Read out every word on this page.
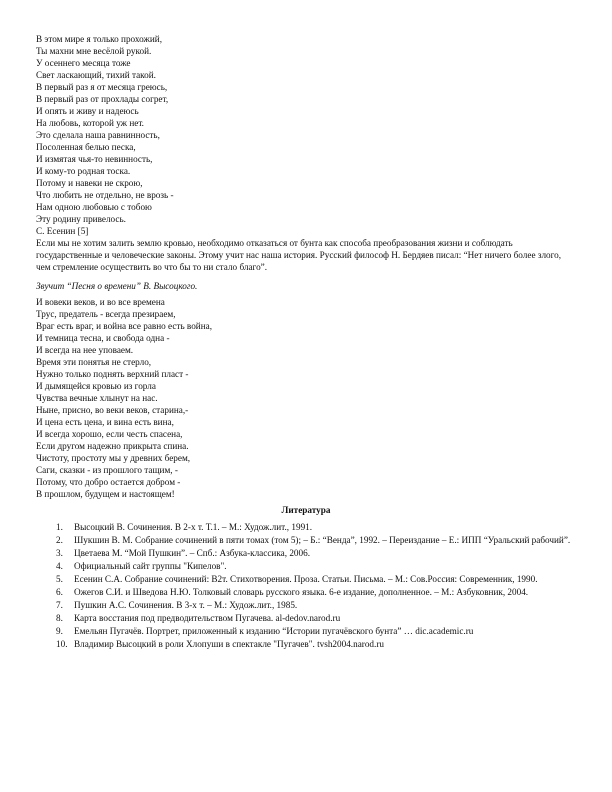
В этом мире я только прохожий,
Ты махни мне весёлой рукой.
У осеннего месяца тоже
Свет ласкающий, тихий такой.
В первый раз я от месяца греюсь,
В первый раз от прохлады согрет,
И опять и живу и надеюсь
На любовь, которой уж нет.
Это сделала наша равнинность,
Посоленная белью песка,
И измятая чья-то невинность,
И кому-то родная тоска.
Потому и навеки не скрою,
Что любить не отдельно, не врозь -
Нам одною любовью с тобою
Эту родину привелось.
С. Есенин [5]
Если мы не хотим залить землю кровью, необходимо отказаться от бунта как способа преобразования жизни и соблюдать государственные и человеческие законы. Этому учит нас наша история. Русский философ Н. Бердяев писал: “Нет ничего более злого, чем стремление осуществить во что бы то ни стало благо”.
Звучит “Песня о времени” В. Высоцкого.
И вовеки веков, и во все времена
Трус, предатель - всегда презираем,
Враг есть враг, и война все равно есть война,
И темница тесна, и свобода одна -
И всегда на нее уповаем.
Время эти понятья не стерло,
Нужно только поднять верхний пласт -
И дымящейся кровью из горла
Чувства вечные хлынут на нас.
Ныне, присно, во веки веков, старина,-
И цена есть цена, и вина есть вина,
И всегда хорошо, если честь спасена,
Если другом надежно прикрыта спина.
Чистоту, простоту мы у древних берем,
Саги, сказки - из прошлого тащим, -
Потому, что добро остается добром -
В прошлом, будущем и настоящем!
Литература
1. Высоцкий В. Сочинения. В 2-х т. Т.1. – М.: Худож.лит., 1991.
2. Шукшин В. М. Собрание сочинений в пяти томах (том 5); – Б.: “Венда”, 1992. – Переиздание – Е.: ИПП “Уральский рабочий”.
3. Цветаева М. “Мой Пушкин”. – Спб.: Азбука-классика, 2006.
4. Официальный сайт группы "Кипелов".
5. Есенин С.А. Собрание сочинений: В2т. Стихотворения. Проза. Статьи. Письма. – М.: Сов.Россия: Современник, 1990.
6. Ожегов С.И. и Шведова Н.Ю. Толковый словарь русского языка. 6-е издание, дополненное. – М.: Азбуковник, 2004.
7. Пушкин А.С. Сочинения. В 3-х т. – М.: Худож.лит., 1985.
8. Карта восстания под предводительством Пугачева. al-dedov.narod.ru
9. Емельян Пугачёв. Портрет, приложенный к изданию “Истории пугачёвского бунта” … dic.academic.ru
10. Владимир Высоцкий в роли Хлопуши в спектакле "Пугачев". tvsh2004.narod.ru
